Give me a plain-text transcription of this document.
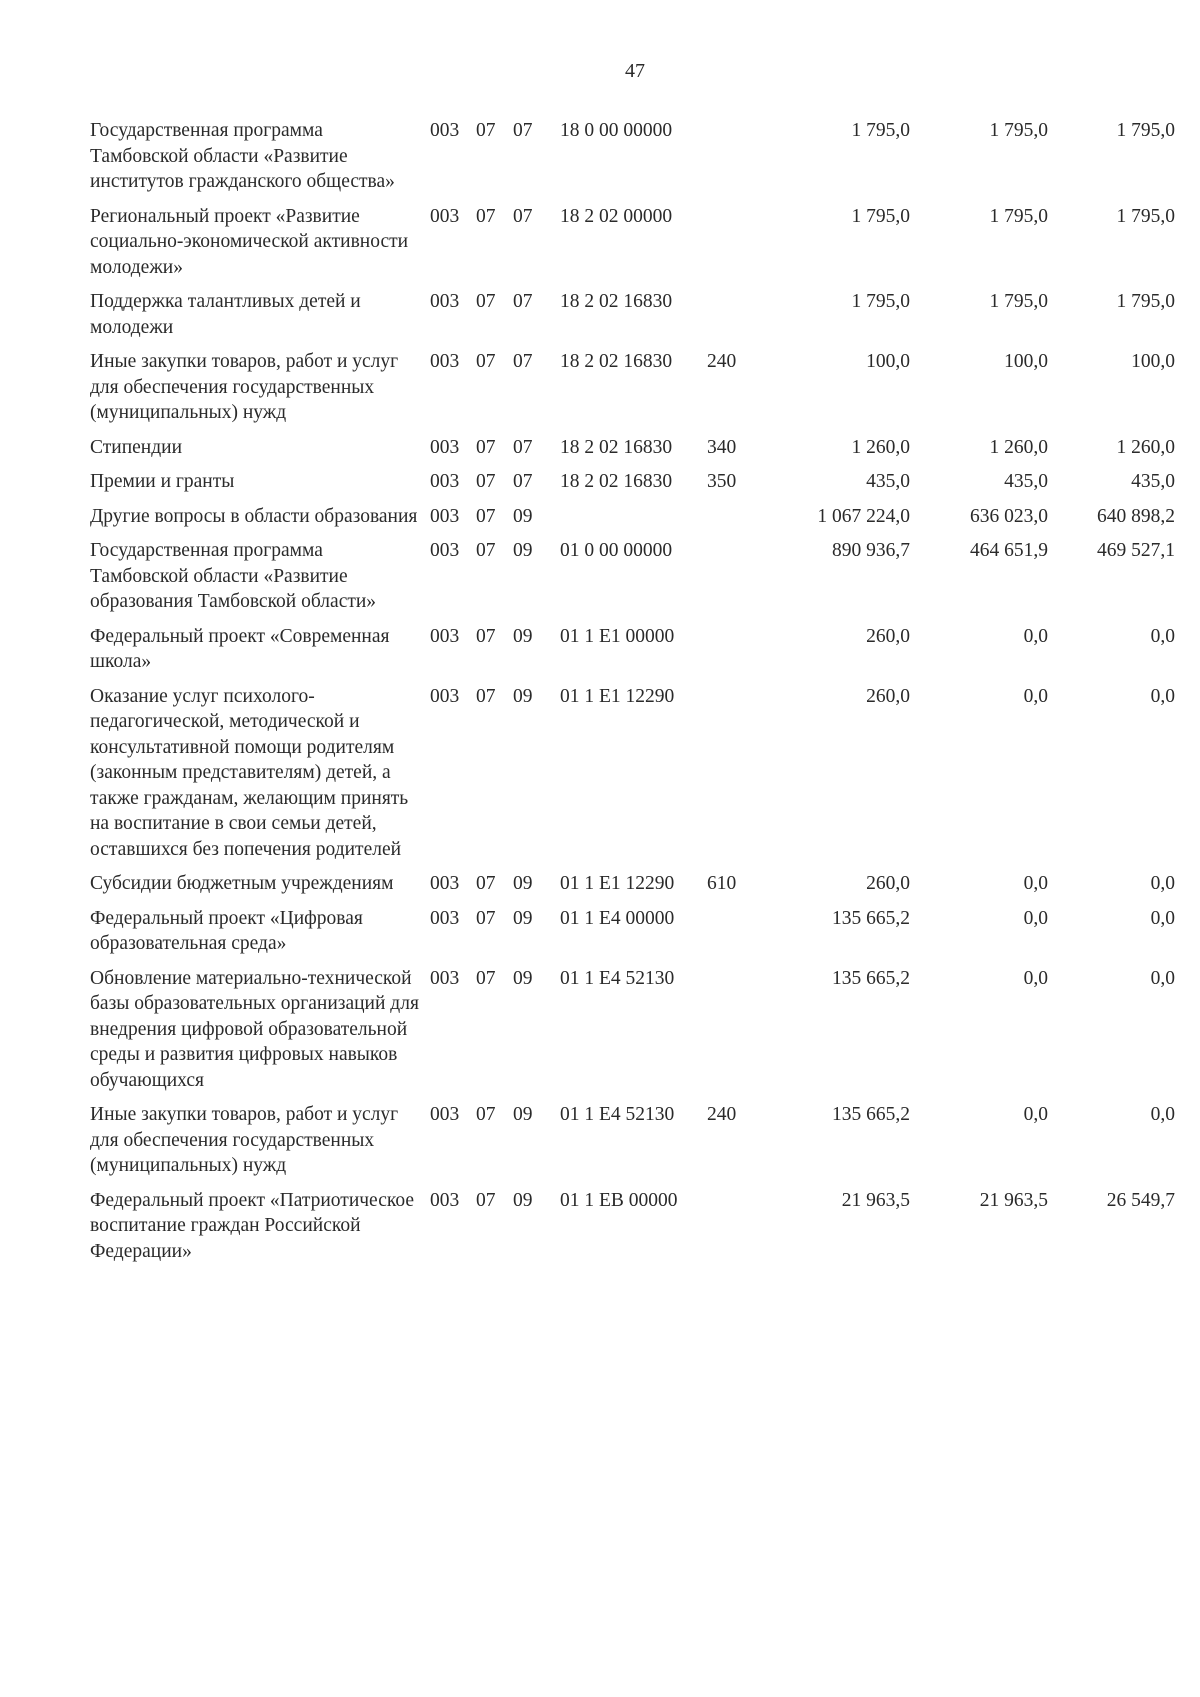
47
Государственная программа Тамбовской области «Развитие институтов гражданского общества»	003	07	07	18 0 00 00000		1 795,0	1 795,0	1 795,0
Региональный проект «Развитие социально-экономической активности молодежи»	003	07	07	18 2 02 00000		1 795,0	1 795,0	1 795,0
Поддержка талантливых детей и молодежи	003	07	07	18 2 02 16830		1 795,0	1 795,0	1 795,0
Иные закупки товаров, работ и услуг для обеспечения государственных (муниципальных) нужд	003	07	07	18 2 02 16830	240	100,0	100,0	100,0
Стипендии	003	07	07	18 2 02 16830	340	1 260,0	1 260,0	1 260,0
Премии и гранты	003	07	07	18 2 02 16830	350	435,0	435,0	435,0
Другие вопросы в области образования	003	07	09			1 067 224,0	636 023,0	640 898,2
Государственная программа Тамбовской области «Развитие образования Тамбовской области»	003	07	09	01 0 00 00000		890 936,7	464 651,9	469 527,1
Федеральный проект «Современная школа»	003	07	09	01 1 E1 00000		260,0	0,0	0,0
Оказание услуг психолого-педагогической, методической и консультативной помощи родителям (законным представителям) детей, а также гражданам, желающим принять на воспитание в свои семьи детей, оставшихся без попечения родителей	003	07	09	01 1 E1 12290		260,0	0,0	0,0
Субсидии бюджетным учреждениям	003	07	09	01 1 E1 12290	610	260,0	0,0	0,0
Федеральный проект «Цифровая образовательная среда»	003	07	09	01 1 E4 00000		135 665,2	0,0	0,0
Обновление материально-технической базы образовательных организаций для внедрения цифровой образовательной среды и развития цифровых навыков обучающихся	003	07	09	01 1 E4 52130		135 665,2	0,0	0,0
Иные закупки товаров, работ и услуг для обеспечения государственных (муниципальных) нужд	003	07	09	01 1 E4 52130	240	135 665,2	0,0	0,0
Федеральный проект «Патриотическое воспитание граждан Российской Федерации»	003	07	09	01 1 EB 00000		21 963,5	21 963,5	26 549,7
